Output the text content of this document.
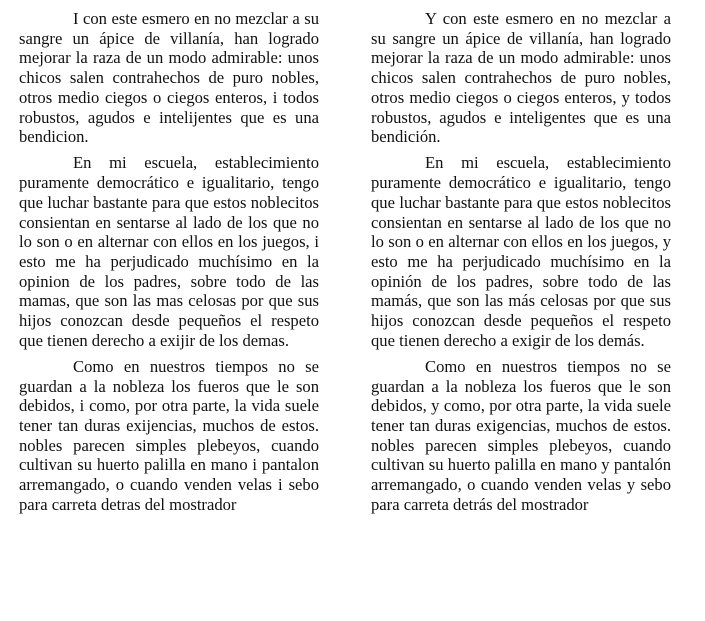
I con este esmero en no mezclar a su sangre un ápice de villanía, han logrado mejorar la raza de un modo admirable: unos chicos salen contrahechos de puro nobles, otros medio ciegos o ciegos enteros, i todos robustos, agudos e intelijentes que es una bendicion.

En mi escuela, establecimiento puramente democrático e igualitario, tengo que luchar bastante para que estos noblecitos consientan en sentarse al lado de los que no lo son o en alternar con ellos en los juegos, i esto me ha perjudicado muchísimo en la opinion de los padres, sobre todo de las mamas, que son las mas celosas por que sus hijos conozcan desde pequeños el respeto que tienen derecho a exijir de los demas.

Como en nuestros tiempos no se guardan a la nobleza los fueros que le son debidos, i como, por otra parte, la vida suele tener tan duras exijencias, muchos de estos. nobles parecen simples plebeyos, cuando cultivan su huerto palilla en mano i pantalon arremangado, o cuando venden velas i sebo para carreta detras del mostrador

Y con este esmero en no mezclar a su sangre un ápice de villanía, han logrado mejorar la raza de un modo admirable: unos chicos salen contrahechos de puro nobles, otros medio ciegos o ciegos enteros, y todos robustos, agudos e inteligentes que es una bendición.

En mi escuela, establecimiento puramente democrático e igualitario, tengo que luchar bastante para que estos noblecitos consientan en sentarse al lado de los que no lo son o en alternar con ellos en los juegos, y esto me ha perjudicado muchísimo en la opinión de los padres, sobre todo de las mamás, que son las más celosas por que sus hijos conozcan desde pequeños el respeto que tienen derecho a exigir de los demás.

Como en nuestros tiempos no se guardan a la nobleza los fueros que le son debidos, y como, por otra parte, la vida suele tener tan duras exigencias, muchos de estos. nobles parecen simples plebeyos, cuando cultivan su huerto palilla en mano y pantalón arremangado, o cuando venden velas y sebo para carreta detrás del mostrador
